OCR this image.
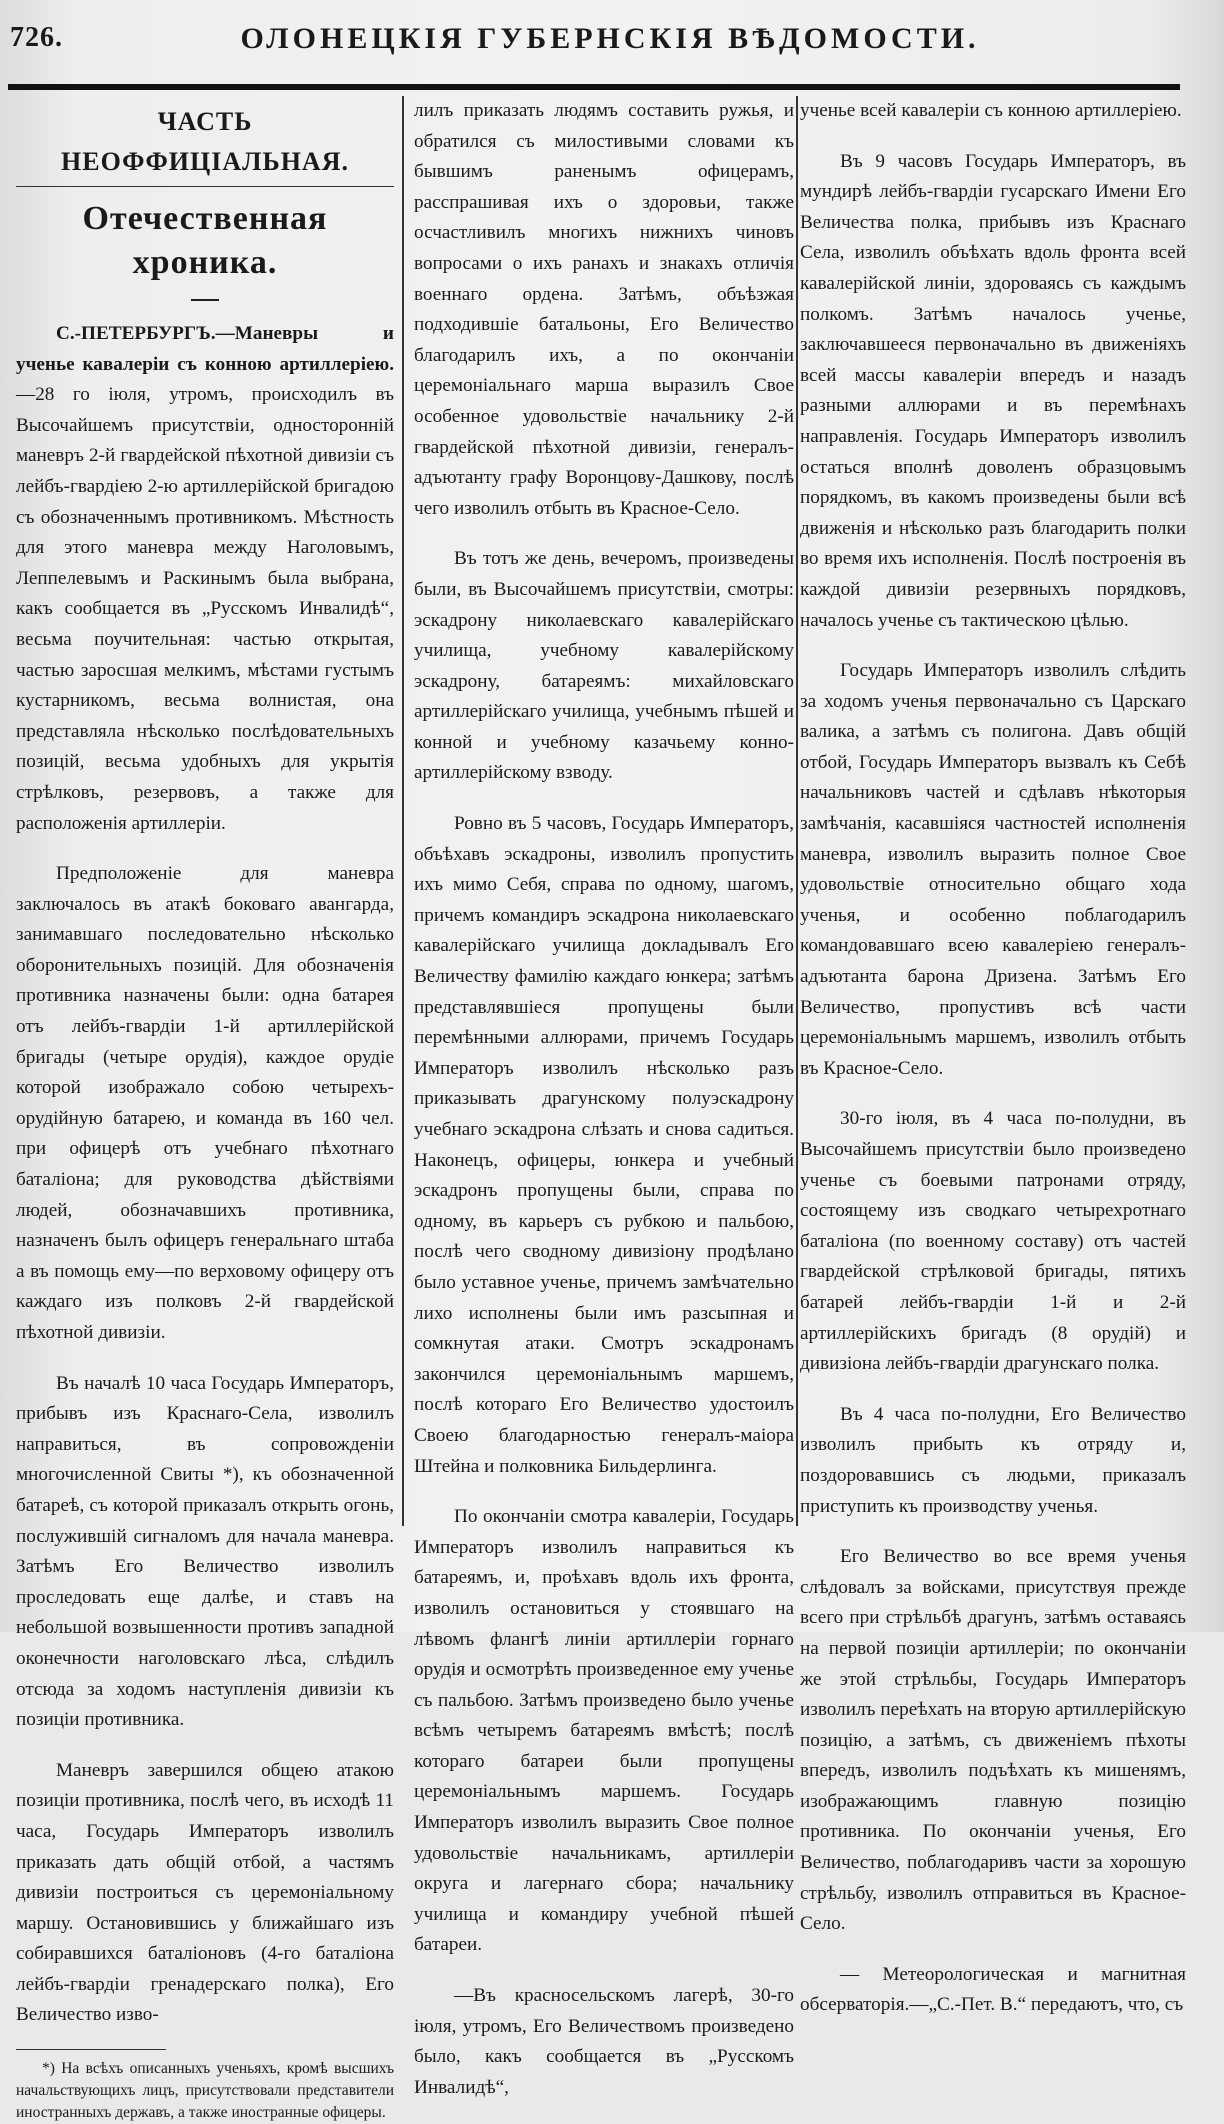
726.	ОЛОНЕЦКІЯ ГУБЕРНСКІЯ ВѢДОМОСТИ.
ЧАСТЬ НЕОФФИЦІАЛЬНАЯ.
Отечественная хроника.

С.-ПЕТЕРБУРГЪ.—Маневры и ученье кавалеріи съ конною артиллеріею. —28 го іюля, утромъ, происходилъ въ Высочайшемъ присутствіи, односторонній маневръ 2-й гвардейской пѣхотной дивизіи съ лейбъ-гвардіею 2-ю артиллерійской бригадою съ обозначеннымъ противникомъ. Мѣстность для этого маневра между Наголовымъ, Леппелевымъ и Раскинымъ была выбрана, какъ сообщается въ „Русскомъ Инвалидѣ“, весьма поучительная: частью открытая, частью заросшая мелкимъ, мѣстами густымъ кустарникомъ, весьма волнистая, она представляла нѣсколько послѣдовательныхъ позицій, весьма удобныхъ для укрытія стрѣлковъ, резервовъ, а также для расположенія артиллеріи.

Предположеніе для маневра заключалось въ атакѣ боковаго авангарда, занимавшаго последовательно нѣсколько оборонительныхъ позицій. Для обозначенія противника назначены были: одна батарея отъ лейбъ-гвардіи 1-й артиллерійской бригады (четыре орудія), каждое орудіе которой изображало собою четырехъ-орудійную батарею, и команда въ 160 чел. при офицерѣ отъ учебнаго пѣхотнаго баталіона; для руководства дѣйствіями людей, обозначавшихъ противника, назначенъ былъ офицеръ генеральнаго штаба а въ помощь ему—по верховому офицеру отъ каждаго изъ полковъ 2-й гвардейской пѣхотной дивизіи.

Въ началѣ 10 часа Государь Императоръ, прибывъ изъ Краснаго-Села, изволилъ направиться, въ сопровожденіи многочисленной Свиты *), къ обозначенной батареѣ, съ которой приказалъ открыть огонь, послужившій сигналомъ для начала маневра. Затѣмъ Его Величество изволилъ проследовать еще далѣе, и ставъ на небольшой возвышенности противъ западной оконечности наголовскаго лѣса, слѣдилъ отсюда за ходомъ наступленія дивизіи къ позиціи противника.

Маневръ завершился общею атакою позиціи противника, послѣ чего, въ исходѣ 11 часа, Государь Императоръ изволилъ приказать дать общій отбой, а частямъ дивизіи построиться съ церемоніальному маршу. Остановившись у ближайшаго изъ собиравшихся баталіоновъ (4-го баталіона лейбъ-гвардіи гренадерскаго полка), Его Величество изво-

*) На всѣхъ описанныхъ ученьяхъ, кромѣ высшихъ начальствующихъ лицъ, присутствовали представители иностранныхъ державъ, а также иностранные офицеры.

лилъ приказать людямъ составить ружья, и обратился съ милостивыми словами къ бывшимъ раненымъ офицерамъ, расспрашивая ихъ о здоровьи, также осчастливилъ многихъ нижнихъ чиновъ вопросами о ихъ ранахъ и знакахъ отличія военнаго ордена. Затѣмъ, объѣзжая подходившіе батальоны, Его Величество благодарилъ ихъ, а по окончаніи церемоніальнаго марша выразилъ Свое особенное удовольствіе начальнику 2-й гвардейской пѣхотной дивизіи, генералъ-адъютанту графу Воронцову-Дашкову, послѣ чего изволилъ отбыть въ Красное-Село.

Въ тотъ же день, вечеромъ, произведены были, въ Высочайшемъ присутствіи, смотры: эскадрону николаевскаго кавалерійскаго училища, учебному кавалерійскому эскадрону, батареямъ: михайловскаго артиллерійскаго училища, учебнымъ пѣшей и конной и учебному казачьему конно-артиллерійскому взводу.

Ровно въ 5 часовъ, Государь Императоръ, объѣхавъ эскадроны, изволилъ пропустить ихъ мимо Себя, справа по одному, шагомъ, причемъ командиръ эскадрона николаевскаго кавалерійскаго училища докладывалъ Его Величеству фамилію каждаго юнкера; затѣмъ представлявшіеся пропущены были перемѣнными аллюрами, причемъ Государь Императоръ изволилъ нѣсколько разъ приказывать драгунскому полуэскадрону учебнаго эскадрона слѣзать и снова садиться. Наконецъ, офицеры, юнкера и учебный эскадронъ пропущены были, справа по одному, въ карьеръ съ рубкою и пальбою, послѣ чего сводному дивизіону продѣлано было уставное ученье, причемъ замѣчательно лихо исполнены были имъ разсыпная и сомкнутая атаки. Смотръ эскадронамъ закончился церемоніальнымъ маршемъ, послѣ котораго Его Величество удостоилъ Своею благодарностью генералъ-маіора Штейна и полковника Бильдерлинга.

По окончаніи смотра кавалеріи, Государь Императоръ изволилъ направиться къ батареямъ, и, проѣхавъ вдоль ихъ фронта, изволилъ остановиться у стоявшаго на лѣвомъ флангѣ линіи артиллеріи горнаго орудія и осмотрѣть произведенное ему ученье съ пальбою. Затѣмъ произведено было ученье всѣмъ четыремъ батареямъ вмѣстѣ; послѣ котораго батареи были пропущены церемоніальнымъ маршемъ. Государь Императоръ изволилъ выразить Свое полное удовольствіе начальникамъ, артиллеріи округа и лагернаго сбора; начальнику училища и командиру учебной пѣшей батареи.

—Въ красносельскомъ лагерѣ, 30-го іюля, утромъ, Его Величествомъ произведено было, какъ сообщается въ „Русскомъ Инвалидѣ“,

ученье всей кавалеріи съ конною артиллеріею.

Въ 9 часовъ Государь Императоръ, въ мундирѣ лейбъ-гвардіи гусарскаго Имени Его Величества полка, прибывъ изъ Краснаго Села, изволилъ объѣхать вдоль фронта всей кавалерійской линіи, здороваясь съ каждымъ полкомъ. Затѣмъ началось ученье, заключавшееся первоначально въ движеніяхъ всей массы кавалеріи впередъ и назадъ разными аллюрами и въ перемѣнахъ направленія. Государь Императоръ изволилъ остаться вполнѣ доволенъ образцовымъ порядкомъ, въ какомъ произведены были всѣ движенія и нѣсколько разъ благодарить полки во время ихъ исполненія. Послѣ построенія въ каждой дивизіи резервныхъ порядковъ, началось ученье съ тактическою цѣлью.

Государь Императоръ изволилъ слѣдить за ходомъ ученья первоначально съ Царскаго валика, а затѣмъ съ полигона. Давъ общій отбой, Государь Императоръ вызвалъ къ Себѣ начальниковъ частей и сдѣлавъ нѣкоторыя замѣчанія, касавшіяся частностей исполненія маневра, изволилъ выразить полное Свое удовольствіе относительно общаго хода ученья, и особенно поблагодарилъ командовавшаго всею кавалеріею генералъ-адъютанта барона Дризена. Затѣмъ Его Величество, пропустивъ всѣ части церемоніальнымъ маршемъ, изволилъ отбыть въ Красное-Село.

30-го іюля, въ 4 часа по-полудни, въ Высочайшемъ присутствіи было произведено ученье съ боевыми патронами отряду, состоящему изъ сводкаго четырехротнаго баталіона (по военному составу) отъ частей гвардейской стрѣлковой бригады, пятихъ батарей лейбъ-гвардіи 1-й и 2-й артиллерійскихъ бригадъ (8 орудій) и дивизіона лейбъ-гвардіи драгунскаго полка.

Въ 4 часа по-полудни, Его Величество изволилъ прибыть къ отряду и, поздоровавшись съ людьми, приказалъ приступить къ производству ученья.

Его Величество во все время ученья слѣдовалъ за войсками, присутствуя прежде всего при стрѣльбѣ драгунъ, затѣмъ оставаясь на первой позиціи артиллеріи; по окончаніи же этой стрѣльбы, Государь Императоръ изволилъ переѣхать на вторую артиллерійскую позицію, а затѣмъ, съ движеніемъ пѣхоты впередъ, изволилъ подъѣхать къ мишенямъ, изображающимъ главную позицію противника. По окончаніи ученья, Его Величество, поблагодаривъ части за хорошую стрѣльбу, изволилъ отправиться въ Красное-Село.

— Метеорологическая и магнитная обсерваторія.—„С.-Пет. В.“ передаютъ, что, съ
